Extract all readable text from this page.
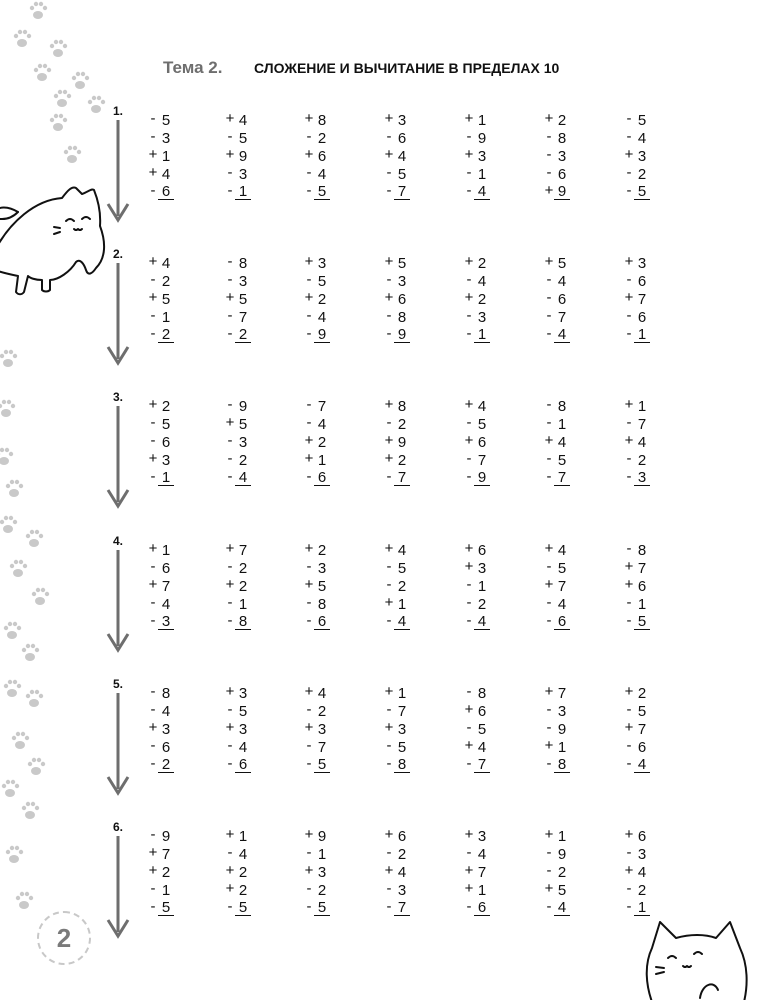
Тема 2. СЛОЖЕНИЕ И ВЫЧИТАНИЕ В ПРЕДЕЛАХ 10
1. - 5
- 3
+ 1
+ 4
- 6
+ 4
- 5
+ 9
- 3
- 1
+ 8
- 2
+ 6
- 4
- 5
+ 3
- 6
+ 4
- 5
- 7
+ 1
- 9
+ 3
- 1
- 4
+ 2
- 8
- 3
- 6
+ 9
- 5
- 4
+ 3
- 2
- 5
2. + 4
- 2
+ 5
- 1
- 2
- 8
- 3
+ 5
- 7
- 2
+ 3
- 5
+ 2
- 4
- 9
+ 5
- 3
+ 6
- 8
- 9
+ 2
- 4
+ 2
- 3
- 1
+ 5
- 4
- 6
- 7
- 4
+ 3
- 6
+ 7
- 6
- 1
3. + 2
- 5
- 6
+ 3
- 1
- 9
+ 5
- 3
- 2
- 4
- 7
- 4
+ 2
+ 1
- 6
+ 8
- 2
+ 9
+ 2
- 7
+ 4
- 5
+ 6
- 7
- 9
- 8
- 1
+ 4
- 5
- 7
+ 1
- 7
+ 4
- 2
- 3
4. + 1
- 6
+ 7
- 4
- 3
+ 7
- 2
+ 2
- 1
- 8
+ 2
- 3
+ 5
- 8
- 6
+ 4
- 5
- 2
+ 1
- 4
+ 6
+ 3
- 1
- 2
- 4
+ 4
- 5
+ 7
- 4
- 6
- 8
+ 7
+ 6
- 1
- 5
5. - 8
- 4
+ 3
- 6
- 2
+ 3
- 5
+ 3
- 4
- 6
+ 4
- 2
+ 3
- 7
- 5
+ 1
- 7
+ 3
- 5
- 8
- 8
+ 6
- 5
+ 4
- 7
+ 7
- 3
- 9
+ 1
- 8
+ 2
- 5
+ 7
- 6
- 4
6. - 9
+ 7
+ 2
- 1
- 5
+ 1
- 4
+ 2
+ 2
- 5
+ 9
- 1
+ 3
- 2
- 5
+ 6
- 2
+ 4
- 3
- 7
+ 3
- 4
+ 7
+ 1
- 6
+ 1
- 9
- 2
+ 5
- 4
+ 6
- 3
+ 4
- 2
- 1
2
